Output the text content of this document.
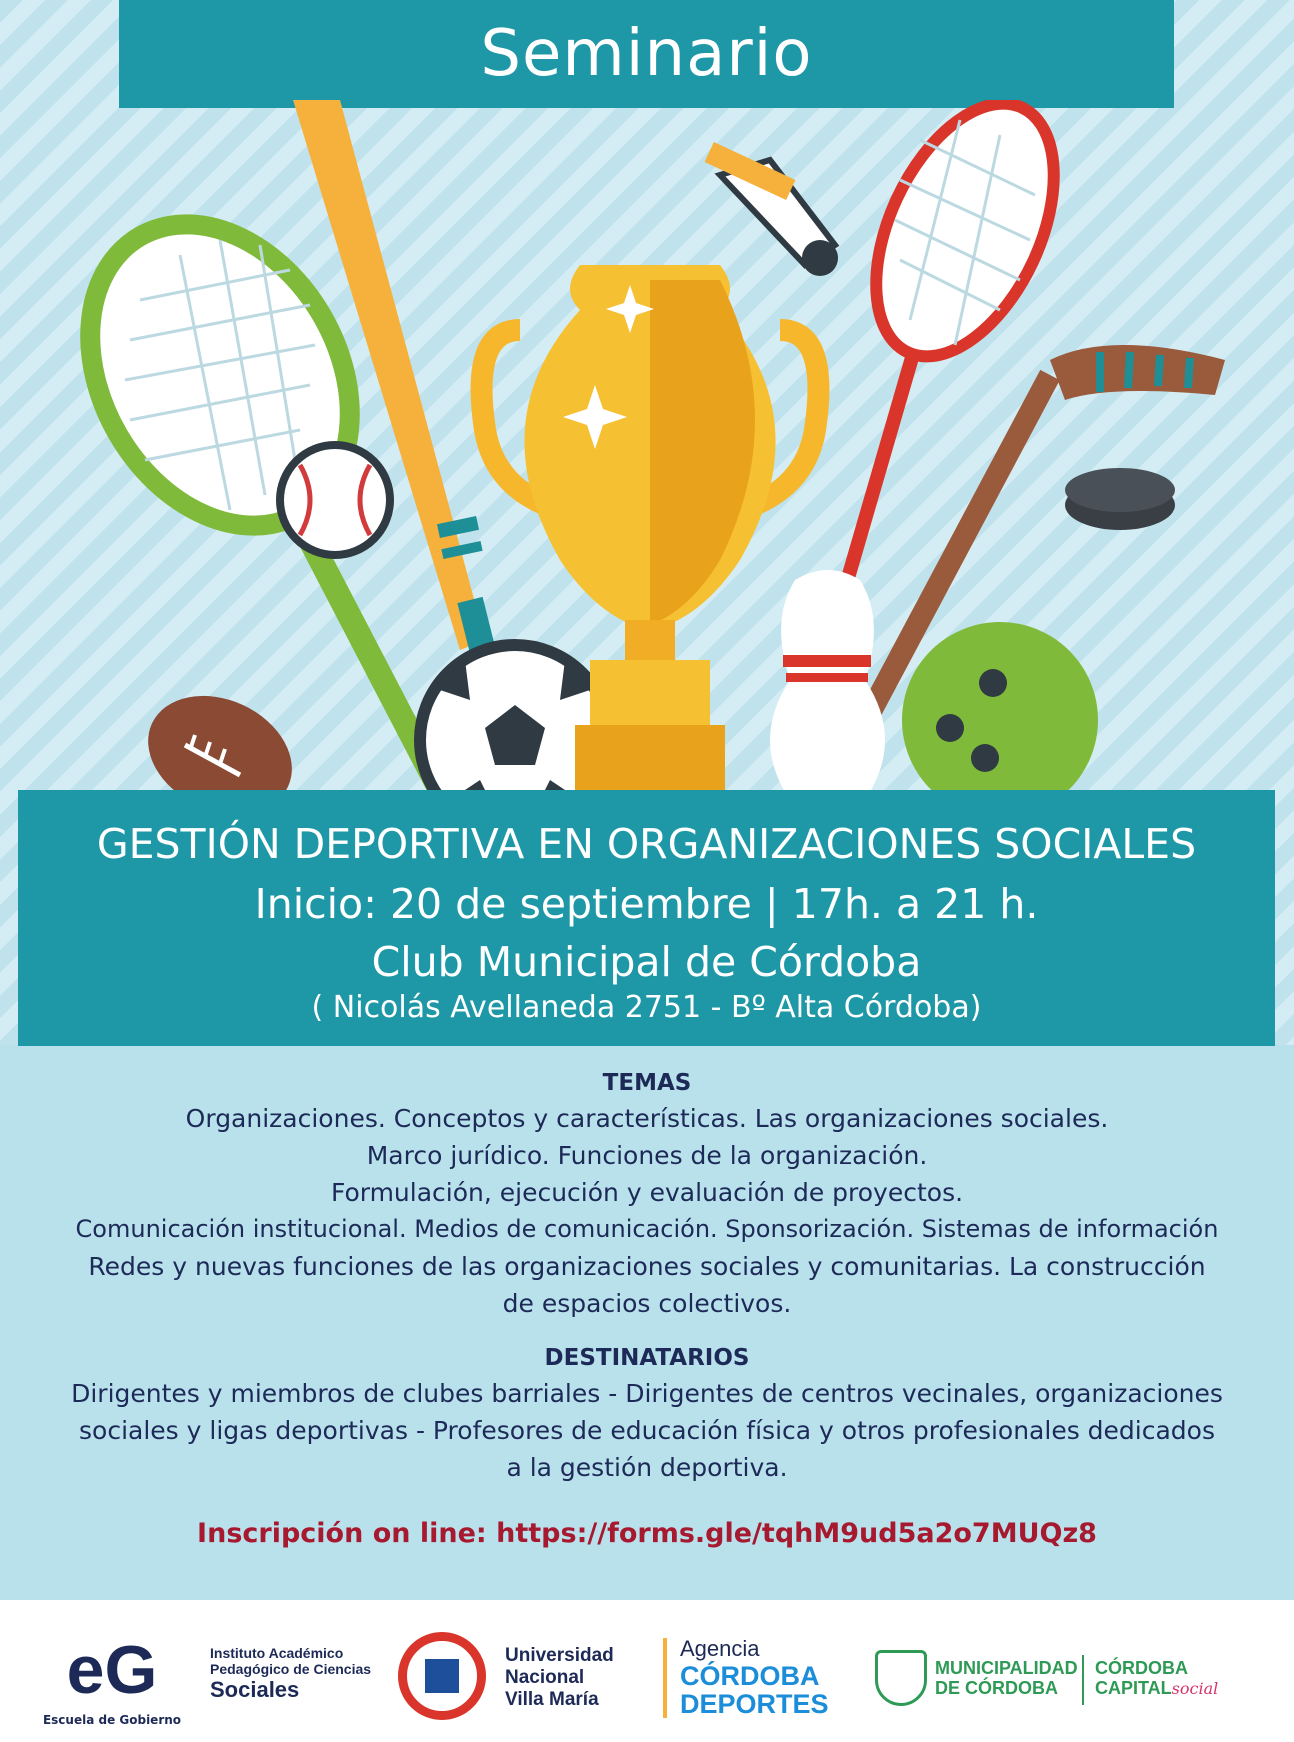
Seminario
GESTIÓN DEPORTIVA EN ORGANIZACIONES SOCIALES
Inicio: 20 de septiembre | 17h. a 21 h.
Club Municipal de Córdoba
( Nicolás Avellaneda 2751 - Bº Alta Córdoba)
TEMAS
Organizaciones. Conceptos y características. Las organizaciones sociales.
Marco jurídico. Funciones de la organización.
Formulación, ejecución y evaluación de proyectos.
Comunicación institucional. Medios de comunicación. Sponsorización. Sistemas de información
Redes y nuevas funciones de las organizaciones sociales y comunitarias. La construcción
de espacios colectivos.
DESTINATARIOS
Dirigentes y miembros de clubes barriales - Dirigentes de centros vecinales, organizaciones
sociales y ligas deportivas - Profesores de educación física y otros profesionales dedicados
a la gestión deportiva.
Inscripción on line: https://forms.gle/tqhM9ud5a2o7MUQz8
eG
Escuela de Gobierno
Instituto Académico
Pedagógico de Ciencias
Sociales
Universidad
Nacional
Villa María
Agencia
CÓRDOBA
DEPORTES
MUNICIPALIDAD
DE CÓRDOBA
CÓRDOBA
CAPITALsocial
